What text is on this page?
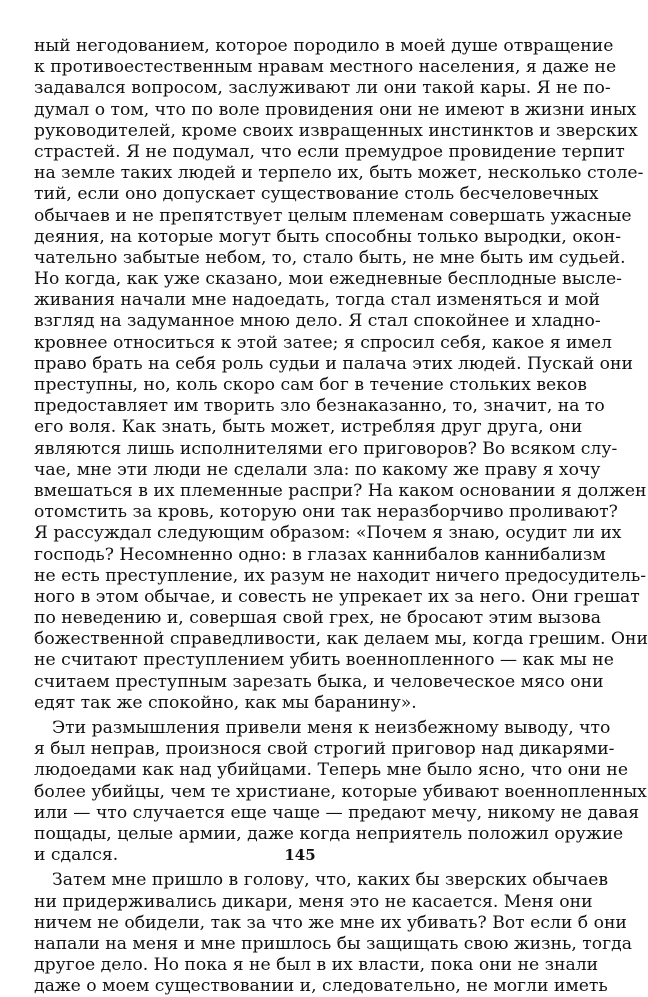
ный негодованием, которое породило в моей душе отвращение
к противоестественным нравам местного населения, я даже не
задавался вопросом, заслуживают ли они такой кары. Я не по-
думал о том, что по воле провидения они не имеют в жизни иных
руководителей, кроме своих извращенных инстинктов и зверских
страстей. Я не подумал, что если премудрое провидение терпит
на земле таких людей и терпело их, быть может, несколько столе-
тий, если оно допускает существование столь бесчеловечных
обычаев и не препятствует целым племенам совершать ужасные
деяния, на которые могут быть способны только выродки, окон-
чательно забытые небом, то, стало быть, не мне быть им судьей.
Но когда, как уже сказано, мои ежедневные бесплодные высле-
живания начали мне надоедать, тогда стал изменяться и мой
взгляд на задуманное мною дело. Я стал спокойнее и хладно-
кровнее относиться к этой затее; я спросил себя, какое я имел
право брать на себя роль судьи и палача этих людей. Пускай они
преступны, но, коль скоро сам бог в течение стольких веков
предоставляет им творить зло безнаказанно, то, значит, на то
его воля. Как знать, быть может, истребляя друг друга, они
являются лишь исполнителями его приговоров? Во всяком слу-
чае, мне эти люди не сделали зла: по какому же праву я хочу
вмешаться в их племенные распри? На каком основании я должен
отомстить за кровь, которую они так неразборчиво проливают?
Я рассуждал следующим образом: «Почем я знаю, осудит ли их
господь? Несомненно одно: в глазах каннибалов каннибализм
не есть преступление, их разум не находит ничего предосудитель-
ного в этом обычае, и совесть не упрекает их за него. Они грешат
по неведению и, совершая свой грех, не бросают этим вызова
божественной справедливости, как делаем мы, когда грешим. Они
не считают преступлением убить военнопленного — как мы не
считаем преступным зарезать быка, и человеческое мясо они
едят так же спокойно, как мы баранину».
Эти размышления привели меня к неизбежному выводу, что
я был неправ, произнося свой строгий приговор над дикарями-
людоедами как над убийцами. Теперь мне было ясно, что они не
более убийцы, чем те христиане, которые убивают военнопленных
или — что случается еще чаще — предают мечу, никому не давая
пощады, целые армии, даже когда неприятель положил оружие
и сдался.
Затем мне пришло в голову, что, каких бы зверских обычаев
ни придерживались дикари, меня это не касается. Меня они
ничем не обидели, так за что же мне их убивать? Вот если б они
напали на меня и мне пришлось бы защищать свою жизнь, тогда
другое дело. Но пока я не был в их власти, пока они не знали
даже о моем существовании и, следовательно, не могли иметь
145
